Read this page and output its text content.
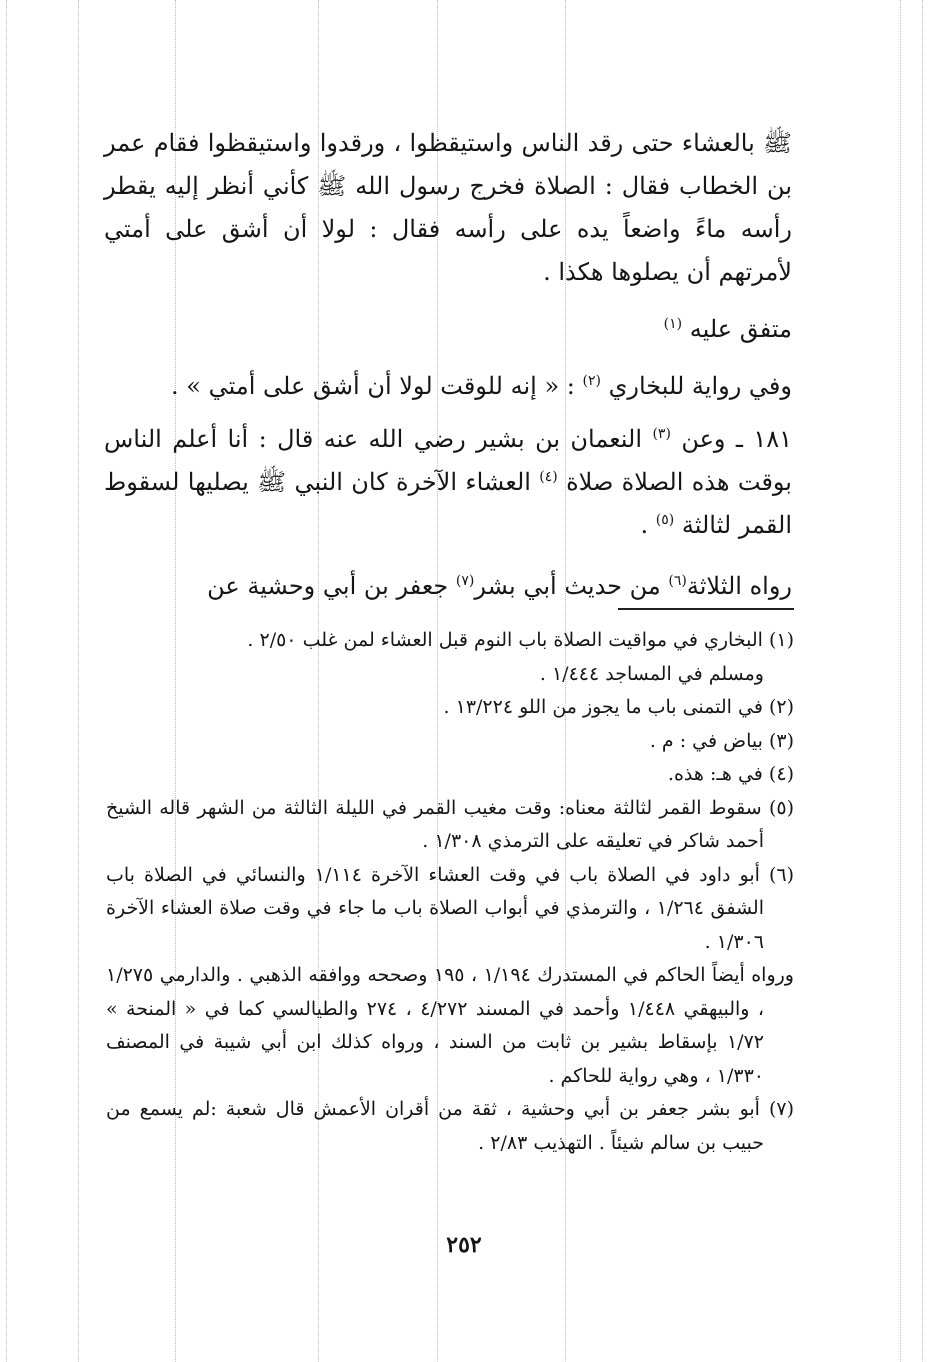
ﷺ بالعشاء حتى رقد الناس واستيقظوا ، ورقدوا واستيقظوا فقام عمر بن الخطاب فقال : الصلاة فخرج رسول الله ﷺ كأني أنظر إليه يقطر رأسه ماءً واضعاً يده على رأسه فقال : لولا أن أشق على أمتي لأمرتهم أن يصلوها هكذا .

متفق عليه $^{(١)}$

وفي رواية للبخاري $^{(٢)}$ : « إنه للوقت لولا أن أشق على أمتي » .

١٨١ ـ وعن $^{(٣)}$ النعمان بن بشير رضي الله عنه قال : أنا أعلم الناس بوقت هذه الصلاة صلاة $^{(٤)}$ العشاء الآخرة كان النبي ﷺ يصليها لسقوط القمر لثالثة $^{(٥)}$ .

رواه الثلاثة$^{(٦)}$ من حديث أبي بشر$^{(٧)}$ جعفر بن أبي وحشية عن

(١) البخاري في مواقيت الصلاة باب النوم قبل العشاء لمن غلب ٢/٥٠ .

ومسلم في المساجد ١/٤٤٤ .

(٢) في التمنى باب ما يجوز من اللو ١٣/٢٢٤ .

(٣) بياض في : م .

(٤) في هـ: هذه.

(٥) سقوط القمر لثالثة معناه: وقت مغيب القمر في الليلة الثالثة من الشهر قاله الشيخ أحمد شاكر في تعليقه على الترمذي ١/٣٠٨ .

(٦) أبو داود في الصلاة باب في وقت العشاء الآخرة ١/١١٤ والنسائي في الصلاة باب الشفق ١/٢٦٤ ، والترمذي في أبواب الصلاة باب ما جاء في وقت صلاة العشاء الآخرة ١/٣٠٦ .

ورواه أيضاً الحاكم في المستدرك ١/١٩٤ ، ١٩٥ وصححه ووافقه الذهبي . والدارمي ١/٢٧٥ ، والبيهقي ١/٤٤٨ وأحمد في المسند ٤/٢٧٢ ، ٢٧٤ والطيالسي كما في « المنحة » ١/٧٢ بإسقاط بشير بن ثابت من السند ، ورواه كذلك ابن أبي شيبة في المصنف ١/٣٣٠ ، وهي رواية للحاكم .

(٧) أبو بشر جعفر بن أبي وحشية ، ثقة من أقران الأعمش قال شعبة :لم يسمع من حبيب بن سالم شيئاً . التهذيب ٢/٨٣ .

٢٥٢
